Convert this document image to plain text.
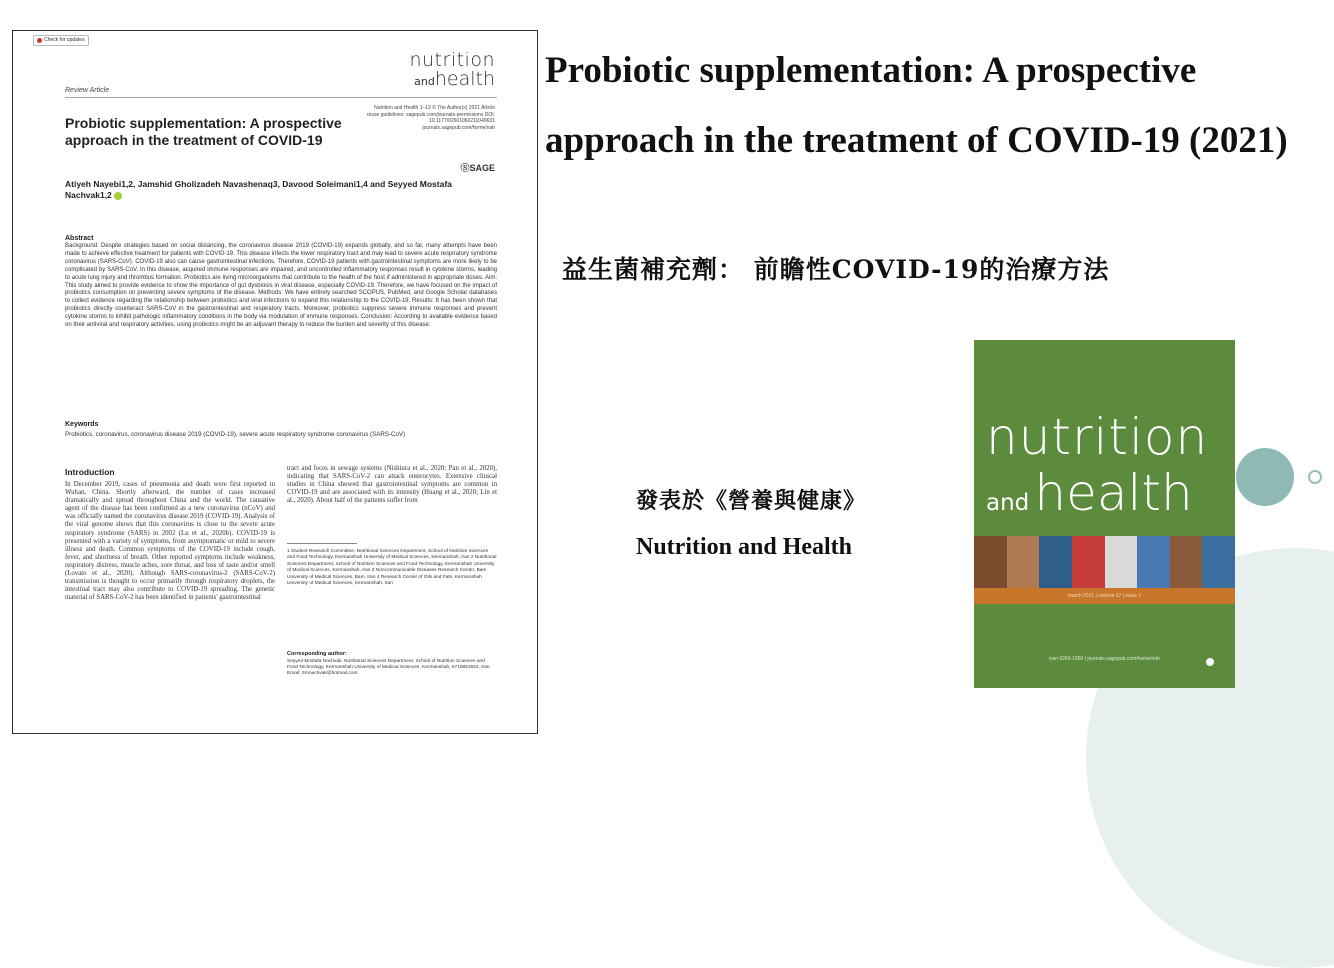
Check for updates
nutrition
andhealth
Review Article
Nutrition and Health 1–13 © The Author(s) 2021 Article reuse guidelines: sagepub.com/journals-permissions DOI: 10.1177/02601060211049631 journals.sagepub.com/home/nah
ⓈSAGE
Probiotic supplementation: A prospective approach in the treatment of COVID-19
Atiyeh Nayebi1,2, Jamshid Gholizadeh Navashenaq3, Davood Soleimani1,4 and Seyyed Mostafa Nachvak1,2
Abstract
Background: Despite strategies based on social distancing, the coronavirus disease 2019 (COVID-19) expands globally, and so far, many attempts have been made to achieve effective treatment for patients with COVID-19. This disease infects the lower respiratory tract and may lead to severe acute respiratory syndrome coronavirus (SARS-CoV). COVID-19 also can cause gastrointestinal infections. Therefore, COVID-19 patients with gastrointestinal symptoms are more likely to be complicated by SARS-CoV. In this disease, acquired immune responses are impaired, and uncontrolled inflammatory responses result in cytokine storms, leading to acute lung injury and thrombus formation. Probiotics are living microorganisms that contribute to the health of the host if administered in appropriate doses. Aim: This study aimed to provide evidence to show the importance of gut dysbiosis in viral disease, especially COVID-19. Therefore, we have focused on the impact of probiotics consumption on preventing severe symptoms of the disease. Methods: We have entirely searched SCOPUS, PubMed, and Google Scholar databases to collect evidence regarding the relationship between probiotics and viral infections to expand this relationship to the COVID-19. Results: It has been shown that probiotics directly counteract SARS-CoV in the gastrointestinal and respiratory tracts. Moreover, probiotics suppress severe immune responses and prevent cytokine storms to inhibit pathologic inflammatory conditions in the body via modulation of immune responses. Conclusion: According to available evidence based on their antiviral and respiratory activities, using probiotics might be an adjuvant therapy to reduce the burden and severity of this disease.
Keywords
Probiotics, coronavirus, coronavirus disease 2019 (COVID-19), severe acute respiratory syndrome coronavirus (SARS-CoV)
Introduction
In December 2019, cases of pneumonia and death were first reported in Wuhan, China. Shortly afterward, the number of cases increased dramatically and spread throughout China and the world. The causative agent of the disease has been confirmed as a new coronavirus (nCoV) and was officially named the coronavirus disease 2019 (COVID-19). Analysis of the viral genome shows that this coronavirus is close to the severe acute respiratory syndrome (SARS) in 2002 (Lu et al., 2020b). COVID-19 is presented with a variety of symptoms, from asymptomatic or mild to severe illness and death. Common symptoms of the COVID-19 include cough, fever, and shortness of breath. Other reported symptoms include weakness, respiratory distress, muscle aches, sore throat, and loss of taste and/or smell (Lovato et al., 2020). Although SARS-coronavirus-2 (SARS-CoV-2) transmission is thought to occur primarily through respiratory droplets, the intestinal tract may also contribute to COVID-19 spreading. The genetic material of SARS-CoV-2 has been identified in patients' gastrointestinal
tract and feces in sewage systems (Nishiura et al., 2020; Pan et al., 2020), indicating that SARS-CoV-2 can attack enterocytes. Extensive clinical studies in China showed that gastrointestinal symptoms are common in COVID-19 and are associated with its intensity (Huang et al., 2020; Lin et al., 2020). About half of the patients suffer from
1 Student Research Committee, Nutritional Sciences Department, School of Nutrition Sciences and Food Technology, Kermanshah University of Medical Sciences, Kermanshah, Iran 2 Nutritional Sciences Department, School of Nutrition Sciences and Food Technology, Kermanshah University of Medical Sciences, Kermanshah, Iran 3 Noncommunicable Diseases Research Center, Bam University of Medical Sciences, Bam, Iran 4 Research Center of Oils and Fats, Kermanshah University of Medical Sciences, Kermanshah, Iran
Corresponding author:
Seyyed Mostafa Nachvak, Nutritional Sciences Department, School of Nutrition Sciences and Food Technology, Kermanshah University of Medical Sciences, Kermanshah, 6719851552, Iran. Email: Smnachvak@hotmail.com
Probiotic supplementation: A prospective approach in the treatment of COVID-19 (2021)
益生菌補充劑： 前瞻性COVID-19的治療方法
發表於《營養與健康》
Nutrition and Health
nutrition
and health
march 2021 | volume 27 | issue 1
issn 0260-1060 | journals.sagepub.com/home/nah
